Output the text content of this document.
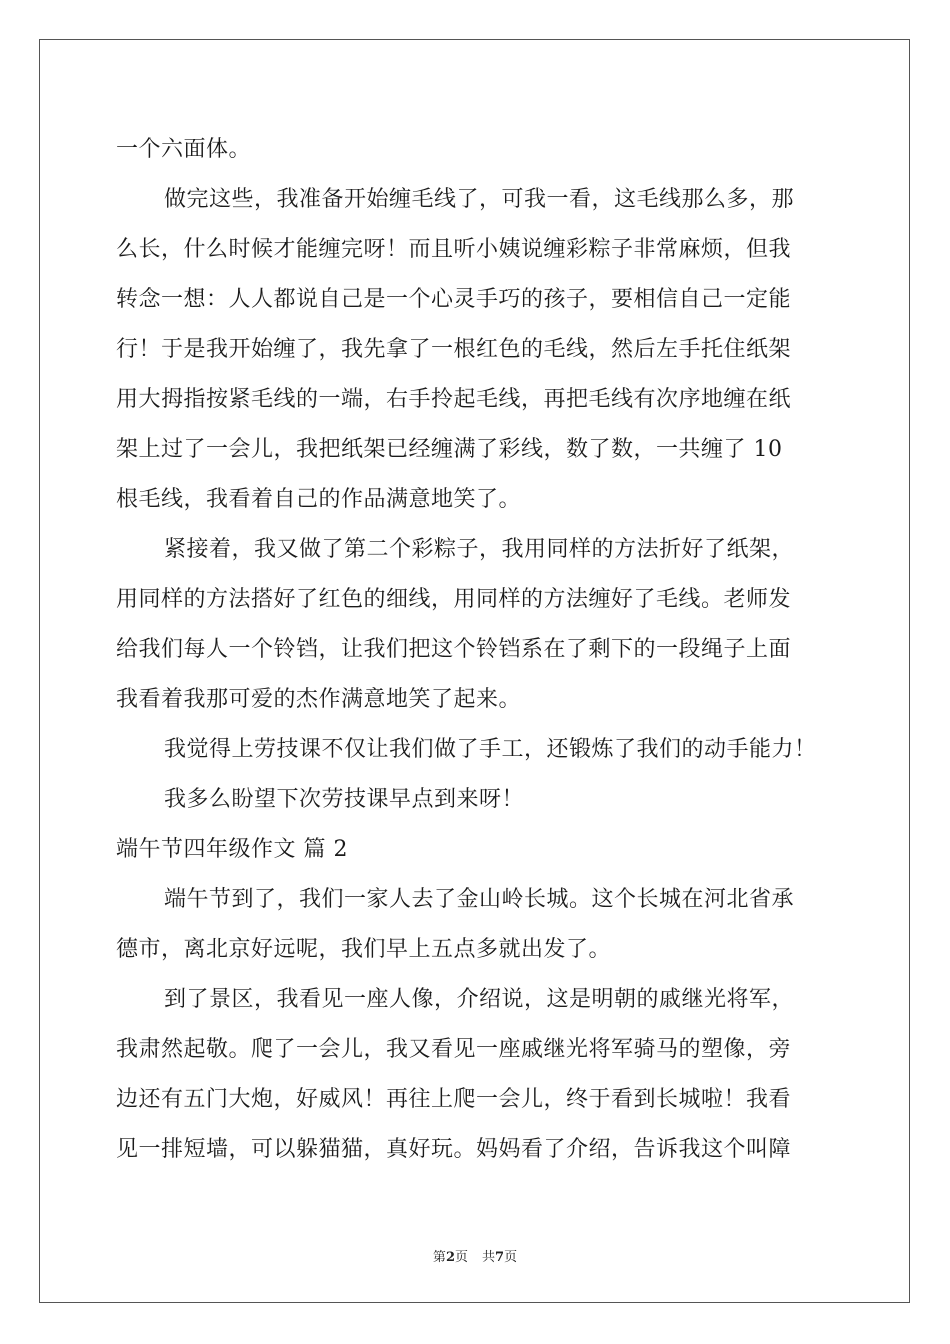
一个六面体。
做完这些，我准备开始缠毛线了，可我一看，这毛线那么多，那
么长，什么时候才能缠完呀！而且听小姨说缠彩粽子非常麻烦，但我
转念一想：人人都说自己是一个心灵手巧的孩子，要相信自己一定能
行！于是我开始缠了，我先拿了一根红色的毛线，然后左手托住纸架
用大拇指按紧毛线的一端，右手拎起毛线，再把毛线有次序地缠在纸
架上过了一会儿，我把纸架已经缠满了彩线，数了数，一共缠了 10
根毛线，我看着自己的作品满意地笑了。
紧接着，我又做了第二个彩粽子，我用同样的方法折好了纸架，
用同样的方法搭好了红色的细线，用同样的方法缠好了毛线。老师发
给我们每人一个铃铛，让我们把这个铃铛系在了剩下的一段绳子上面
我看着我那可爱的杰作满意地笑了起来。
我觉得上劳技课不仅让我们做了手工，还锻炼了我们的动手能力！
我多么盼望下次劳技课早点到来呀！
端午节四年级作文 篇 2
端午节到了，我们一家人去了金山岭长城。这个长城在河北省承
德市，离北京好远呢，我们早上五点多就出发了。
到了景区，我看见一座人像，介绍说，这是明朝的戚继光将军，
我肃然起敬。爬了一会儿，我又看见一座戚继光将军骑马的塑像，旁
边还有五门大炮，好威风！再往上爬一会儿，终于看到长城啦！我看
见一排短墙，可以躲猫猫，真好玩。妈妈看了介绍，告诉我这个叫障
第2页 共7页
